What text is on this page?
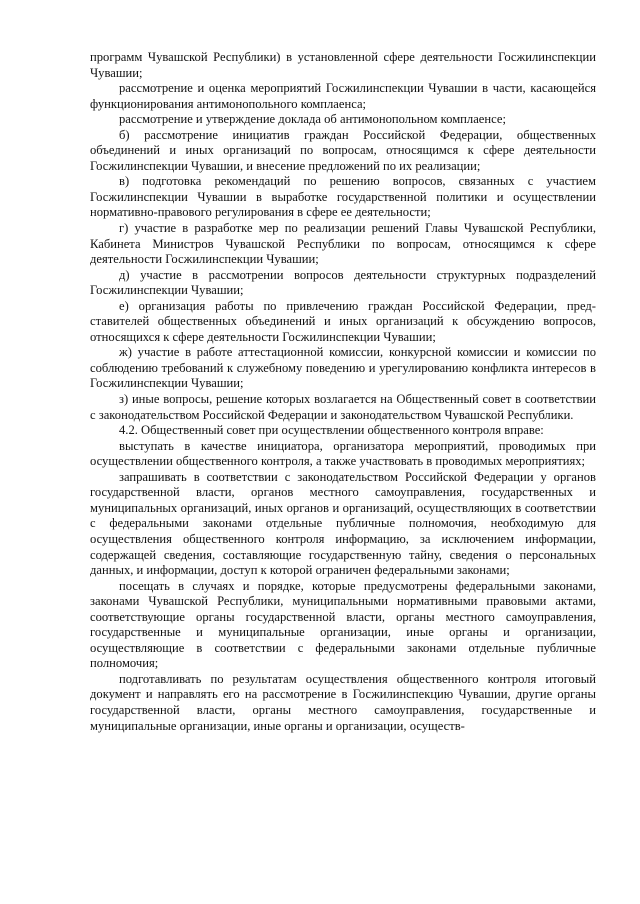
программ Чувашской Республики) в установленной сфере деятельности Госжилинспекции Чувашии;

рассмотрение и оценка мероприятий Госжилинспекции Чувашии в части, касающейся функционирования антимонопольного комплаенса;

рассмотрение и утверждение доклада об антимонопольном комплаенсе;

б) рассмотрение инициатив граждан Российской Федерации, общественных объединений и иных организаций по вопросам, относящимся к сфере деятельности Госжилинспекции Чувашии, и внесение предложений по их реализации;

в) подготовка рекомендаций по решению вопросов, связанных с участием Госжилинспекции Чувашии в выработке государственной политики и осуществлении нормативно-правового регулирования в сфере ее деятельности;

г) участие в разработке мер по реализации решений Главы Чувашской Республики, Кабинета Министров Чувашской Республики по вопросам, относящимся к сфере деятельности Госжилинспекции Чувашии;

д) участие в рассмотрении вопросов деятельности структурных подразделений Госжилинспекции Чувашии;

е) организация работы по привлечению граждан Российской Федерации, представителей общественных объединений и иных организаций к обсуждению вопросов, относящихся к сфере деятельности Госжилинспекции Чувашии;

ж) участие в работе аттестационной комиссии, конкурсной комиссии и комиссии по соблюдению требований к служебному поведению и урегулированию конфликта интересов в Госжилинспекции Чувашии;

з) иные вопросы, решение которых возлагается на Общественный совет в соответствии с законодательством Российской Федерации и законодательством Чувашской Республики.

4.2. Общественный совет при осуществлении общественного контроля вправе:

выступать в качестве инициатора, организатора мероприятий, проводимых при осуществлении общественного контроля, а также участвовать в проводимых мероприятиях;

запрашивать в соответствии с законодательством Российской Федерации у органов государственной власти, органов местного самоуправления, государственных и муниципальных организаций, иных органов и организаций, осуществляющих в соответствии с федеральными законами отдельные публичные полномочия, необходимую для осуществления общественного контроля информацию, за исключением информации, содержащей сведения, составляющие государственную тайну, сведения о персональных данных, и информации, доступ к которой ограничен федеральными законами;

посещать в случаях и порядке, которые предусмотрены федеральными законами, законами Чувашской Республики, муниципальными нормативными правовыми актами, соответствующие органы государственной власти, органы местного самоуправления, государственные и муниципальные организации, иные органы и организации, осуществляющие в соответствии с федеральными законами отдельные публичные полномочия;

подготавливать по результатам осуществления общественного контроля итоговый документ и направлять его на рассмотрение в Госжилинспекцию Чувашии, другие органы государственной власти, органы местного самоуправления, государственные и муниципальные организации, иные органы и организации, осуществ-
